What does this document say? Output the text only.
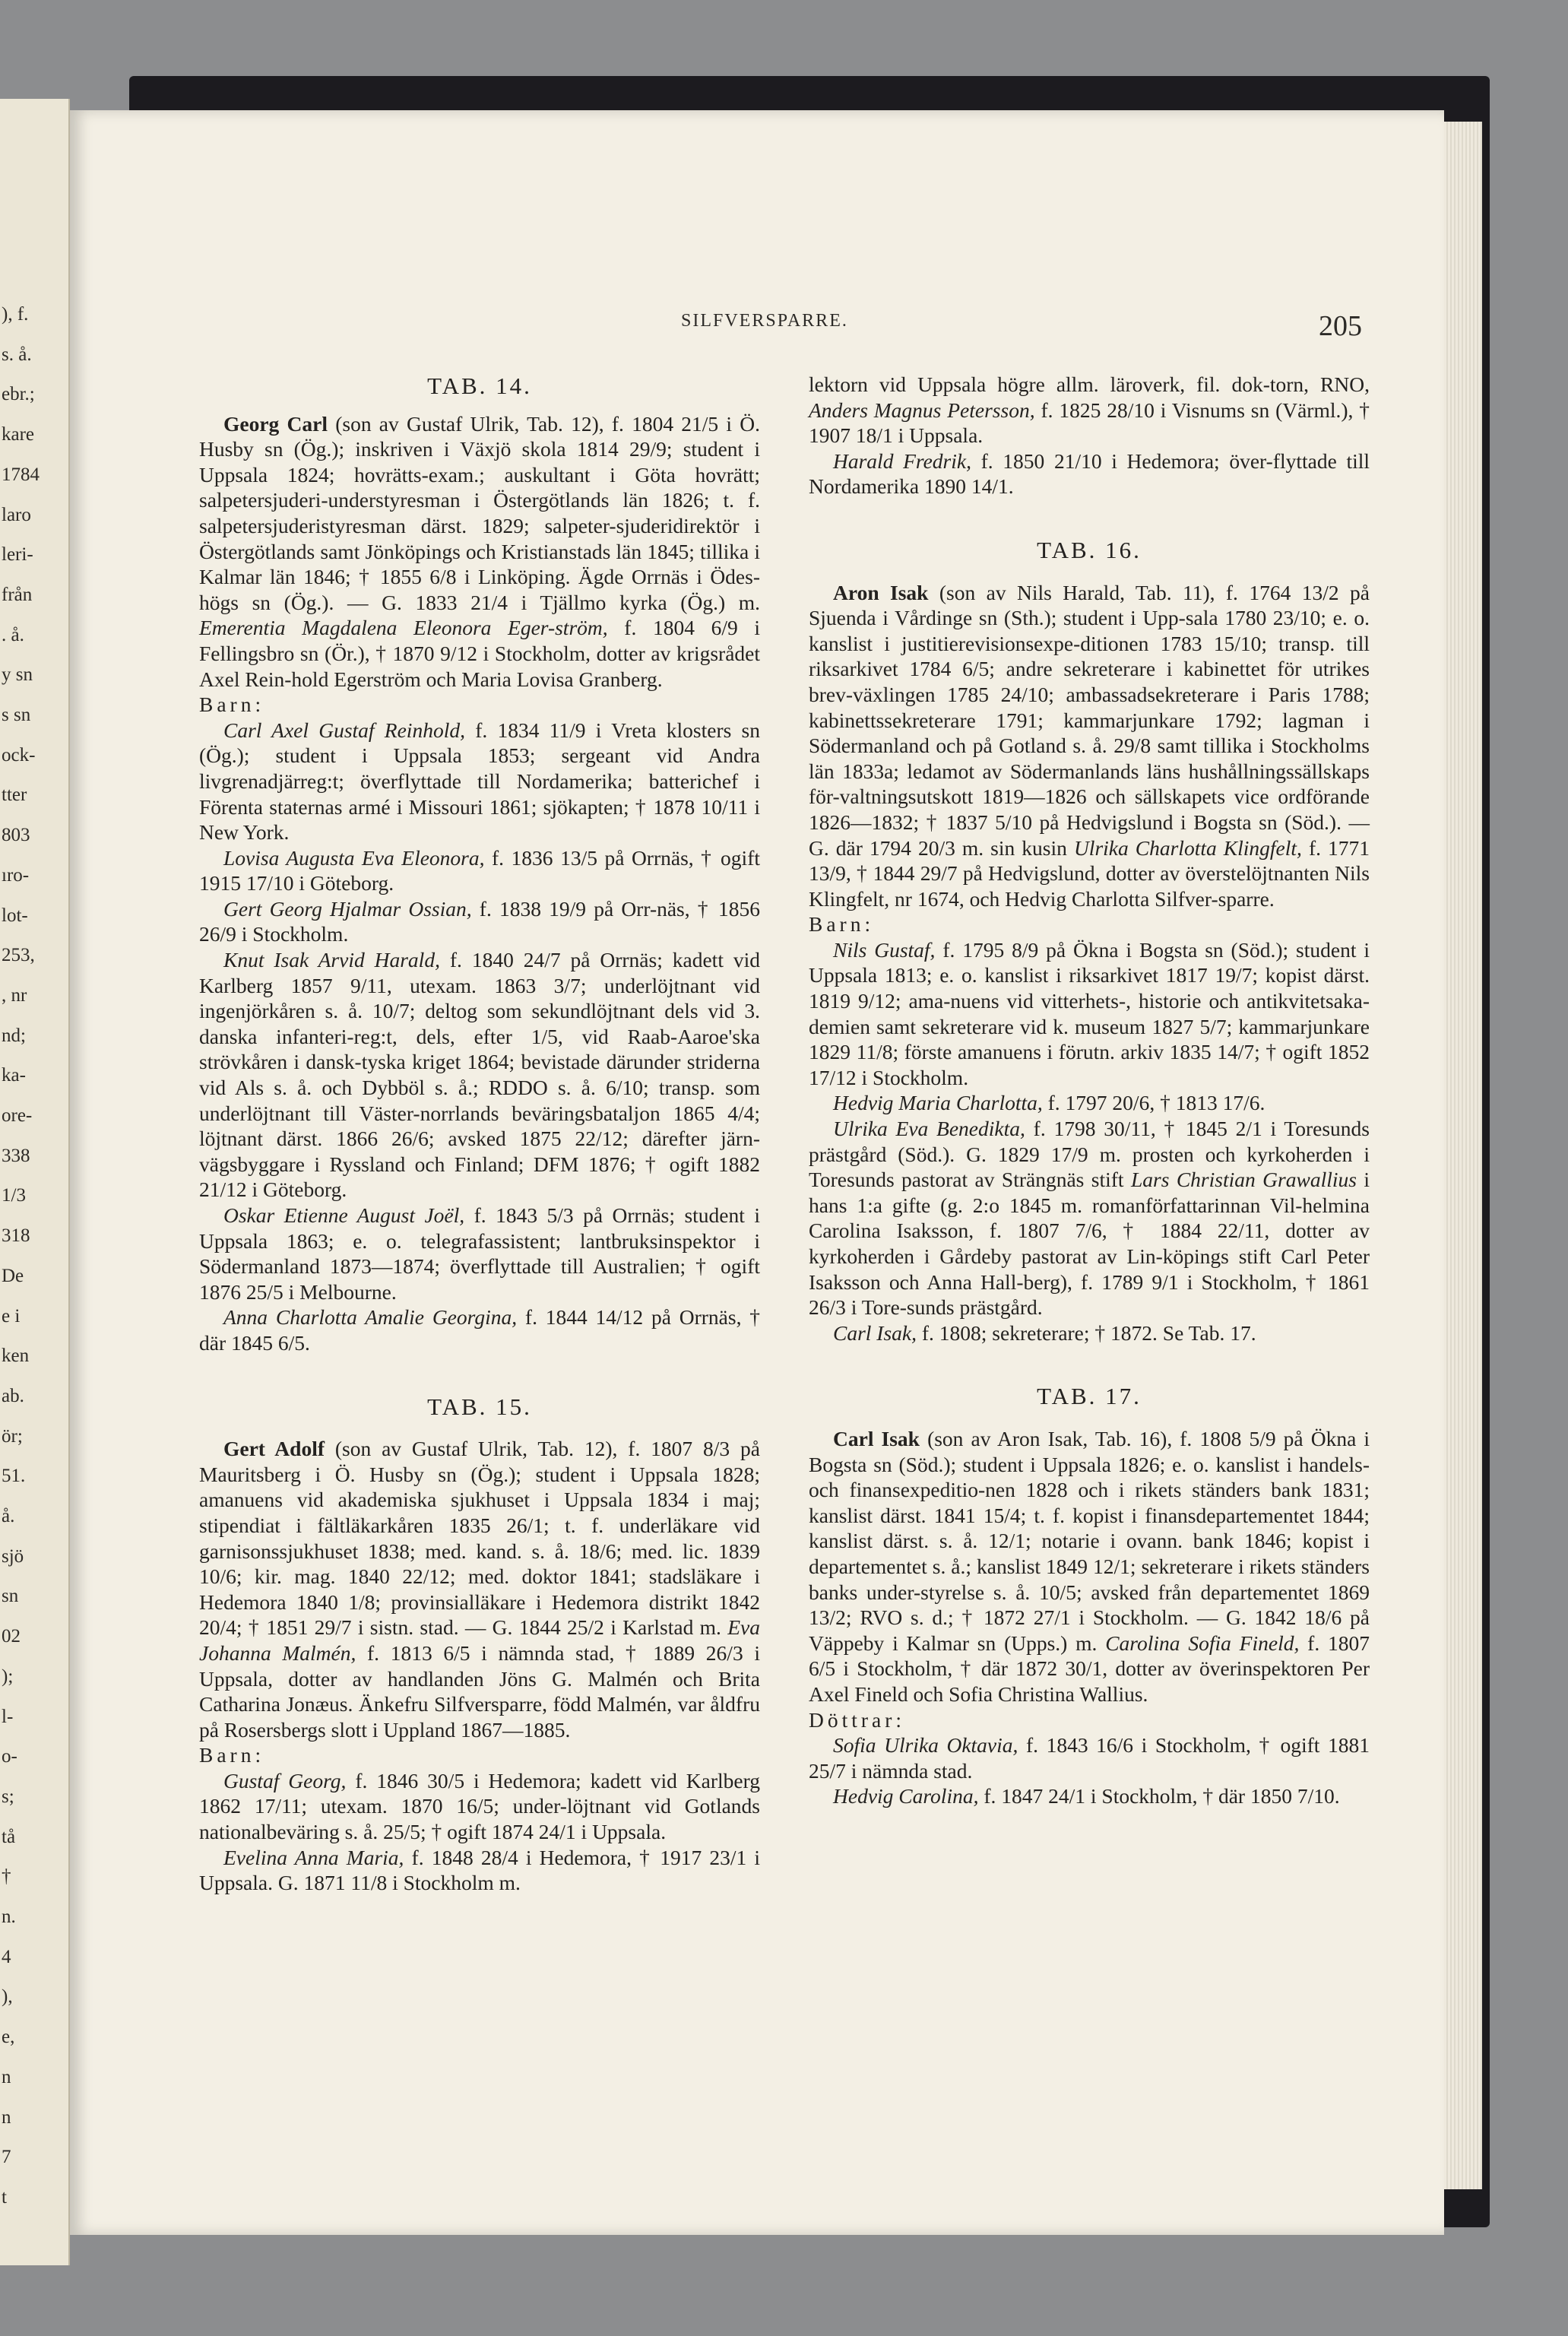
), f.
s. å.
ebr.;
kare
1784
laro
leri-
från
. å.
y sn
s sn
ock-
tter
803
ıro-
lot-
253,
, nr
nd;
ka-
ore-
338
1/3
318
De
e i
ken
ab.
ör;
51.
å.
sjö
sn
02
);
l-
o-
s;
tå
†
n.
4
),
e,
n
n
7
t
SILFVERSPARRE.	205
TAB. 14.

Georg Carl (son av Gustaf Ulrik, Tab. 12), f. 1804 21/5 i Ö. Husby sn (Ög.); inskriven i Växjö skola 1814 29/9; student i Uppsala 1824; hovrätts-exam.; auskultant i Göta hovrätt; salpetersjuderi-understyresman i Östergötlands län 1826; t. f. salpetersjuderistyresman därst. 1829; salpeter-sjuderidirektör i Östergötlands samt Jönköpings och Kristianstads län 1845; tillika i Kalmar län 1846; † 1855 6/8 i Linköping. Ägde Orrnäs i Ödes-högs sn (Ög.). — G. 1833 21/4 i Tjällmo kyrka (Ög.) m. Emerentia Magdalena Eleonora Eger-ström, f. 1804 6/9 i Fellingsbro sn (Ör.), † 1870 9/12 i Stockholm, dotter av krigsrådet Axel Rein-hold Egerström och Maria Lovisa Granberg.

Barn:

Carl Axel Gustaf Reinhold, f. 1834 11/9 i Vreta klosters sn (Ög.); student i Uppsala 1853; sergeant vid Andra livgrenadjärreg:t; överflyttade till Nordamerika; batterichef i Förenta staternas armé i Missouri 1861; sjökapten; † 1878 10/11 i New York.

Lovisa Augusta Eva Eleonora, f. 1836 13/5 på Orrnäs, † ogift 1915 17/10 i Göteborg.

Gert Georg Hjalmar Ossian, f. 1838 19/9 på Orr-näs, † 1856 26/9 i Stockholm.

Knut Isak Arvid Harald, f. 1840 24/7 på Orrnäs; kadett vid Karlberg 1857 9/11, utexam. 1863 3/7; underlöjtnant vid ingenjörkåren s. å. 10/7; deltog som sekundlöjtnant dels vid 3. danska infanteri-reg:t, dels, efter 1/5, vid Raab-Aaroe'ska strövkåren i dansk-tyska kriget 1864; bevistade därunder striderna vid Als s. å. och Dybböl s. å.; RDDO s. å. 6/10; transp. som underlöjtnant till Väster-norrlands beväringsbataljon 1865 4/4; löjtnant därst. 1866 26/6; avsked 1875 22/12; därefter järn-vägsbyggare i Ryssland och Finland; DFM 1876; † ogift 1882 21/12 i Göteborg.

Oskar Etienne August Joël, f. 1843 5/3 på Orrnäs; student i Uppsala 1863; e. o. telegrafassistent; lantbruksinspektor i Södermanland 1873—1874; överflyttade till Australien; † ogift 1876 25/5 i Melbourne.

Anna Charlotta Amalie Georgina, f. 1844 14/12 på Orrnäs, † där 1845 6/5.

TAB. 15.

Gert Adolf (son av Gustaf Ulrik, Tab. 12), f. 1807 8/3 på Mauritsberg i Ö. Husby sn (Ög.); student i Uppsala 1828; amanuens vid akademiska sjukhuset i Uppsala 1834 i maj; stipendiat i fältläkarkåren 1835 26/1; t. f. underläkare vid garnisonssjukhuset 1838; med. kand. s. å. 18/6; med. lic. 1839 10/6; kir. mag. 1840 22/12; med. doktor 1841; stadsläkare i Hedemora 1840 1/8; provinsialläkare i Hedemora distrikt 1842 20/4; † 1851 29/7 i sistn. stad. — G. 1844 25/2 i Karlstad m. Eva Johanna Malmén, f. 1813 6/5 i nämnda stad, † 1889 26/3 i Uppsala, dotter av handlanden Jöns G. Malmén och Brita Catharina Jonæus. Änkefru Silfversparre, född Malmén, var åldfru på Rosersbergs slott i Uppland 1867—1885.

Barn:

Gustaf Georg, f. 1846 30/5 i Hedemora; kadett vid Karlberg 1862 17/11; utexam. 1870 16/5; under-löjtnant vid Gotlands nationalbeväring s. å. 25/5; † ogift 1874 24/1 i Uppsala.

Evelina Anna Maria, f. 1848 28/4 i Hedemora, † 1917 23/1 i Uppsala. G. 1871 11/8 i Stockholm m.

lektorn vid Uppsala högre allm. läroverk, fil. dok-torn, RNO, Anders Magnus Petersson, f. 1825 28/10 i Visnums sn (Värml.), † 1907 18/1 i Uppsala.

Harald Fredrik, f. 1850 21/10 i Hedemora; över-flyttade till Nordamerika 1890 14/1.

TAB. 16.

Aron Isak (son av Nils Harald, Tab. 11), f. 1764 13/2 på Sjuenda i Vårdinge sn (Sth.); student i Upp-sala 1780 23/10; e. o. kanslist i justitierevisionsexpe-ditionen 1783 15/10; transp. till riksarkivet 1784 6/5; andre sekreterare i kabinettet för utrikes brev-växlingen 1785 24/10; ambassadsekreterare i Paris 1788; kabinettssekreterare 1791; kammarjunkare 1792; lagman i Södermanland och på Gotland s. å. 29/8 samt tillika i Stockholms län 1833a; ledamot av Södermanlands läns hushållningssällskaps för-valtningsutskott 1819—1826 och sällskapets vice ordförande 1826—1832; † 1837 5/10 på Hedvigslund i Bogsta sn (Söd.). — G. där 1794 20/3 m. sin kusin Ulrika Charlotta Klingfelt, f. 1771 13/9, † 1844 29/7 på Hedvigslund, dotter av överstelöjtnanten Nils Klingfelt, nr 1674, och Hedvig Charlotta Silfver-sparre.

Barn:

Nils Gustaf, f. 1795 8/9 på Ökna i Bogsta sn (Söd.); student i Uppsala 1813; e. o. kanslist i riksarkivet 1817 19/7; kopist därst. 1819 9/12; ama-nuens vid vitterhets-, historie och antikvitetsaka-demien samt sekreterare vid k. museum 1827 5/7; kammarjunkare 1829 11/8; förste amanuens i förutn. arkiv 1835 14/7; † ogift 1852 17/12 i Stockholm.

Hedvig Maria Charlotta, f. 1797 20/6, † 1813 17/6.

Ulrika Eva Benedikta, f. 1798 30/11, † 1845 2/1 i Toresunds prästgård (Söd.). G. 1829 17/9 m. prosten och kyrkoherden i Toresunds pastorat av Strängnäs stift Lars Christian Grawallius i hans 1:a gifte (g. 2:o 1845 m. romanförfattarinnan Vil-helmina Carolina Isaksson, f. 1807 7/6, † 1884 22/11, dotter av kyrkoherden i Gårdeby pastorat av Lin-köpings stift Carl Peter Isaksson och Anna Hall-berg), f. 1789 9/1 i Stockholm, † 1861 26/3 i Tore-sunds prästgård.

Carl Isak, f. 1808; sekreterare; † 1872. Se Tab. 17.

TAB. 17.

Carl Isak (son av Aron Isak, Tab. 16), f. 1808 5/9 på Ökna i Bogsta sn (Söd.); student i Uppsala 1826; e. o. kanslist i handels- och finansexpeditio-nen 1828 och i rikets ständers bank 1831; kanslist därst. 1841 15/4; t. f. kopist i finansdepartementet 1844; kanslist därst. s. å. 12/1; notarie i ovann. bank 1846; kopist i departementet s. å.; kanslist 1849 12/1; sekreterare i rikets ständers banks under-styrelse s. å. 10/5; avsked från departementet 1869 13/2; RVO s. d.; † 1872 27/1 i Stockholm. — G. 1842 18/6 på Väppeby i Kalmar sn (Upps.) m. Carolina Sofia Fineld, f. 1807 6/5 i Stockholm, † där 1872 30/1, dotter av överinspektoren Per Axel Fineld och Sofia Christina Wallius.

Döttrar:

Sofia Ulrika Oktavia, f. 1843 16/6 i Stockholm, † ogift 1881 25/7 i nämnda stad.

Hedvig Carolina, f. 1847 24/1 i Stockholm, † där 1850 7/10.
